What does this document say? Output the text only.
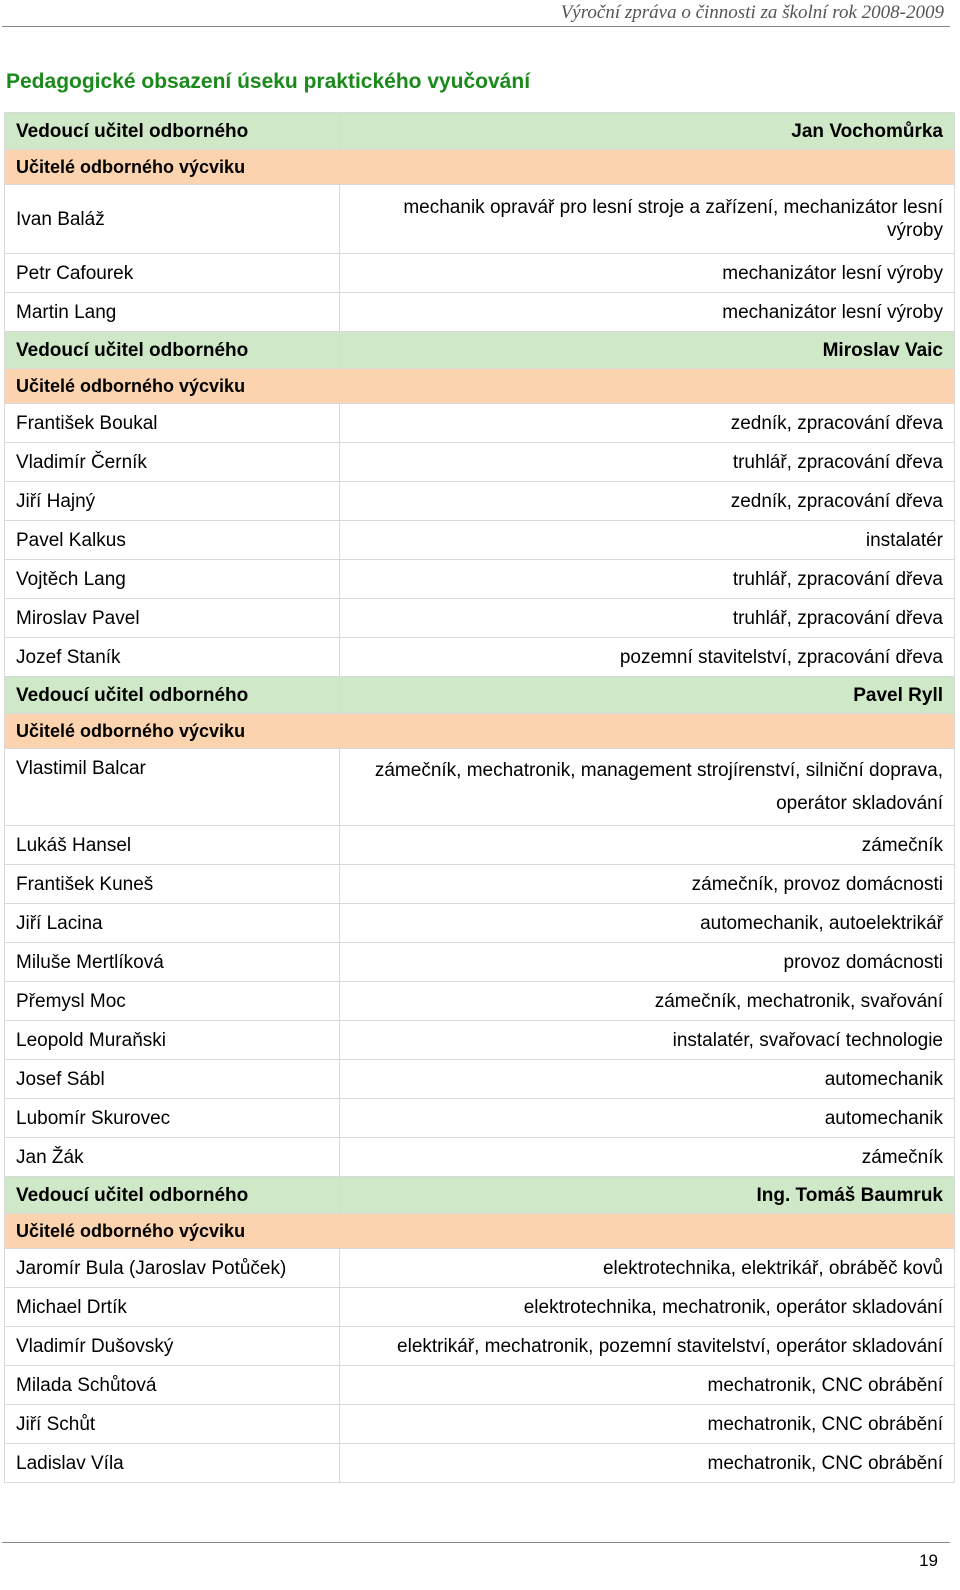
Výroční zpráva o činnosti za školní rok 2008-2009
Pedagogické obsazení úseku praktického vyučování
Vedoucí učitel odborného	Jan Vochomůrka
Učitelé odborného výcviku	
Ivan Baláž	mechanik opravář pro lesní stroje a zařízení, mechanizátor lesní výroby
Petr Cafourek	mechanizátor lesní výroby
Martin Lang	mechanizátor lesní výroby
Vedoucí učitel odborného	Miroslav Vaic
Učitelé odborného výcviku	
František Boukal	zedník, zpracování dřeva
Vladimír Černík	truhlář, zpracování dřeva
Jiří Hajný	zedník, zpracování dřeva
Pavel Kalkus	instalatér
Vojtěch Lang	truhlář, zpracování dřeva
Miroslav Pavel	truhlář, zpracování dřeva
Jozef Staník	pozemní stavitelství, zpracování dřeva
Vedoucí učitel odborného	Pavel Ryll
Učitelé odborného výcviku	
Vlastimil Balcar	zámečník, mechatronik, management strojírenství, silniční doprava, operátor skladování
Lukáš Hansel	zámečník
František Kuneš	zámečník, provoz domácnosti
Jiří Lacina	automechanik, autoelektrikář
Miluše Mertlíková	provoz domácnosti
Přemysl Moc	zámečník, mechatronik, svařování
Leopold Muraňski	instalatér, svařovací technologie
Josef Sábl	automechanik
Lubomír Skurovec	automechanik
Jan Žák	zámečník
Vedoucí učitel odborného	Ing. Tomáš Baumruk
Učitelé odborného výcviku	
Jaromír Bula (Jaroslav Potůček)	elektrotechnika, elektrikář, obráběč kovů
Michael Drtík	elektrotechnika, mechatronik, operátor skladování
Vladimír Dušovský	elektrikář, mechatronik, pozemní stavitelství, operátor skladování
Milada Schůtová	mechatronik, CNC obrábění
Jiří Schůt	mechatronik, CNC obrábění
Ladislav Víla	mechatronik, CNC obrábění
19
